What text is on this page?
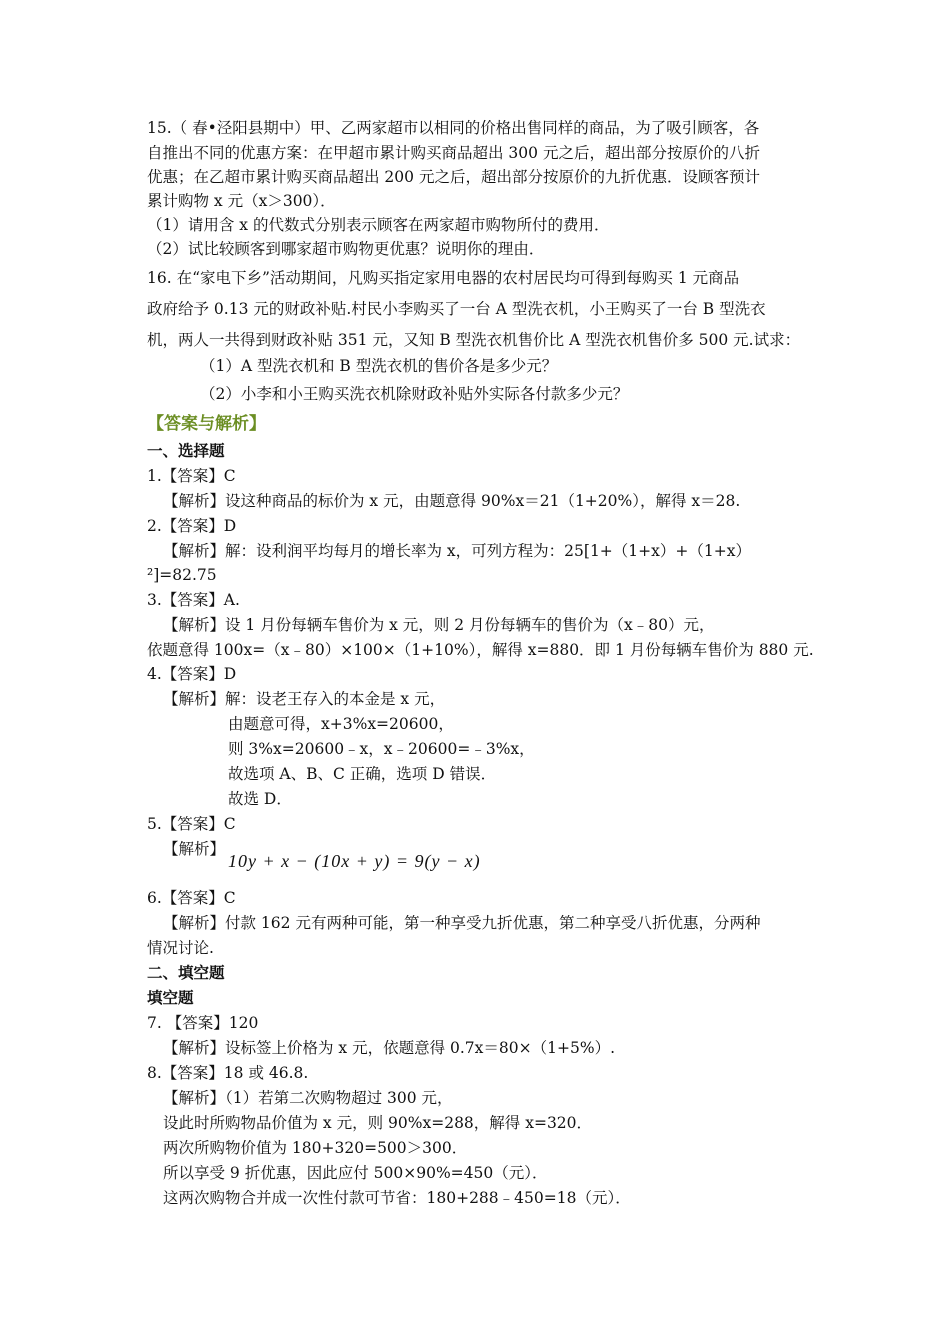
15.（ 春•泾阳县期中）甲、乙两家超市以相同的价格出售同样的商品，为了吸引顾客，各
自推出不同的优惠方案：在甲超市累计购买商品超出 300 元之后，超出部分按原价的八折
优惠；在乙超市累计购买商品超出 200 元之后，超出部分按原价的九折优惠．设顾客预计
累计购物 x 元（x＞300）．
（1）请用含 x 的代数式分别表示顾客在两家超市购物所付的费用．
（2）试比较顾客到哪家超市购物更优惠？说明你的理由．
16. 在“家电下乡”活动期间，凡购买指定家用电器的农村居民均可得到每购买 1 元商品
政府给予 0.13 元的财政补贴.村民小李购买了一台 A 型洗衣机，小王购买了一台 B 型洗衣
机，两人一共得到财政补贴 351 元，又知 B 型洗衣机售价比 A 型洗衣机售价多 500 元.试求：
（1）A 型洗衣机和 B 型洗衣机的售价各是多少元？
（2）小李和小王购买洗衣机除财政补贴外实际各付款多少元？
【答案与解析】
一、选择题
1.【答案】C
【解析】设这种商品的标价为 x 元，由题意得 90%x＝21（1+20%），解得 x＝28.
2.【答案】D
【解析】解：设利润平均每月的增长率为 x，可列方程为：25[1+（1+x）+（1+x）
²]=82.75
3.【答案】A.
【解析】设 1 月份每辆车售价为 x 元，则 2 月份每辆车的售价为（x﹣80）元，
依题意得 100x=（x﹣80）×100×（1+10%），解得 x=880．即 1 月份每辆车售价为 880 元.
4.【答案】D
【解析】解：设老王存入的本金是 x 元，
由题意可得，x+3%x=20600，
则 3%x=20600﹣x，x﹣20600=﹣3%x，
故选项 A、B、C 正确，选项 D 错误．
故选 D．
5.【答案】C
【解析】
10y + x − (10x + y) = 9(y − x)
6.【答案】C
【解析】付款 162 元有两种可能，第一种享受九折优惠，第二种享受八折优惠，分两种
情况讨论.
二、填空题
填空题
7. 【答案】120
【解析】设标签上价格为 x 元，依题意得 0.7x＝80×（1+5%）.
8.【答案】18 或 46.8.
【解析】（1）若第二次购物超过 300 元，
设此时所购物品价值为 x 元，则 90%x=288，解得 x=320．
两次所购物价值为 180+320=500＞300．
所以享受 9 折优惠，因此应付 500×90%=450（元）．
这两次购物合并成一次性付款可节省：180+288﹣450=18（元）．
